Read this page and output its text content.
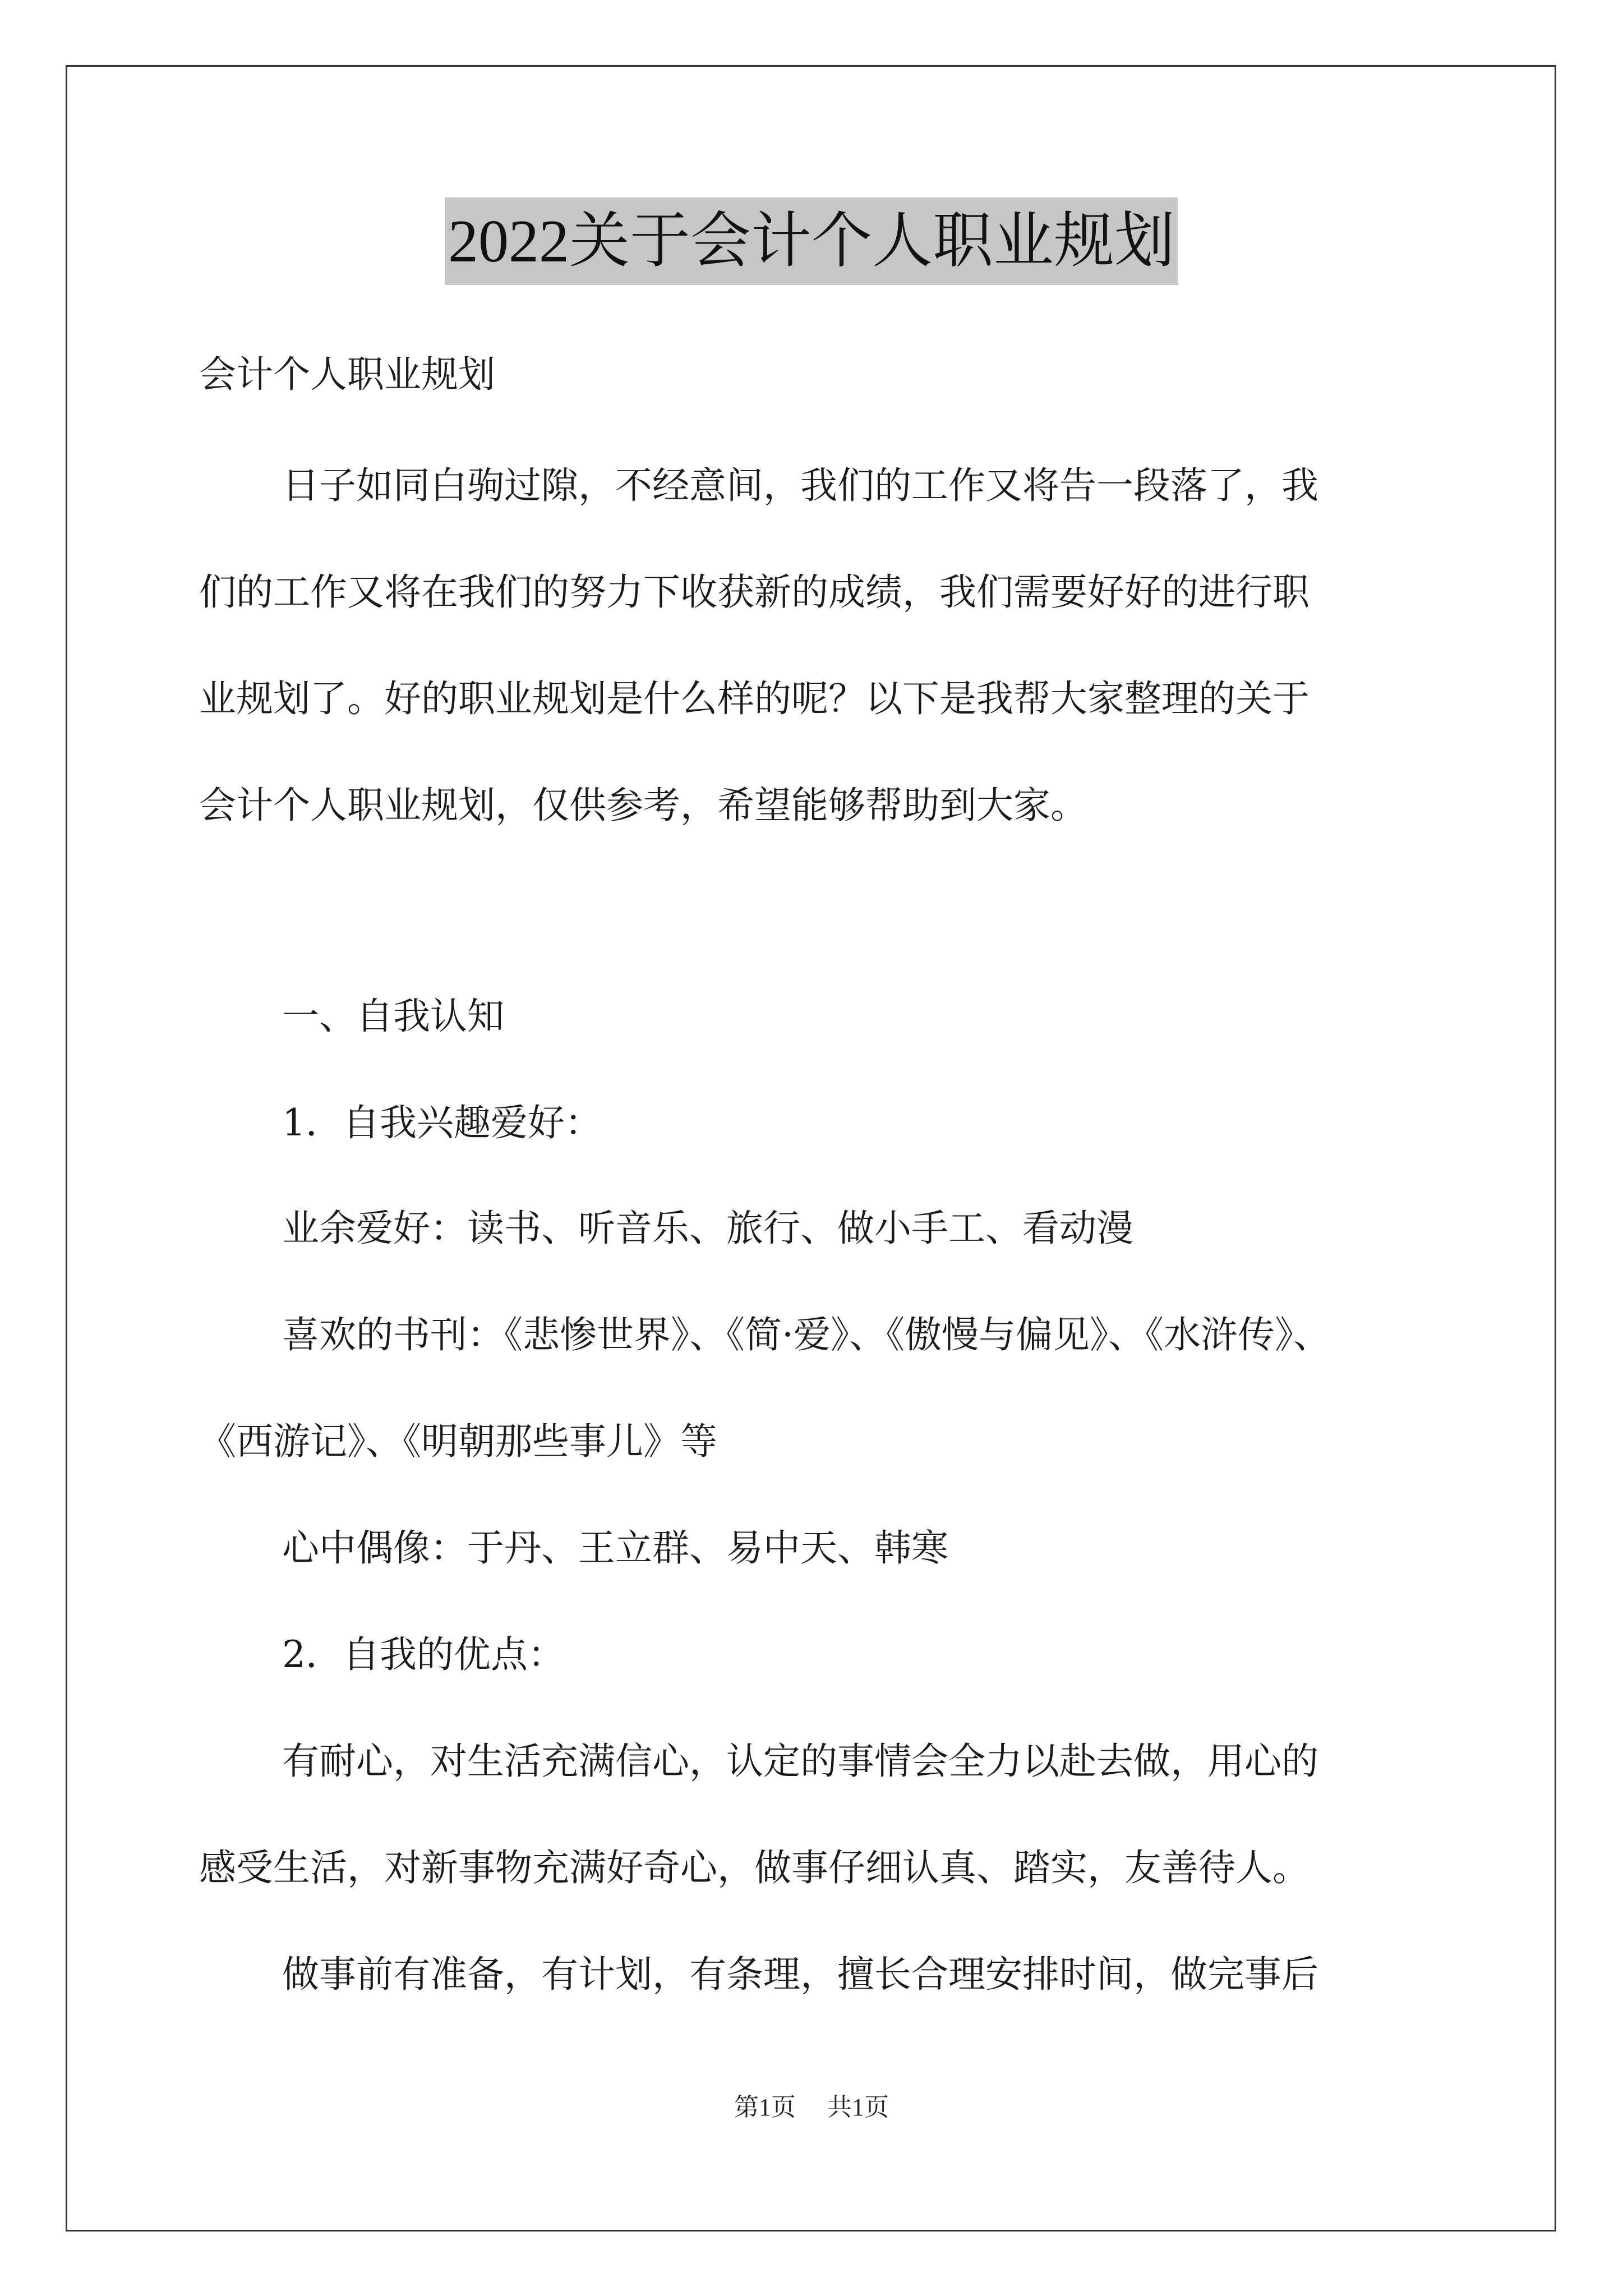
2022关于会计个人职业规划
会计个人职业规划
日子如同白驹过隙，不经意间，我们的工作又将告一段落了，我
们的工作又将在我们的努力下收获新的成绩，我们需要好好的进行职
业规划了。好的职业规划是什么样的呢？以下是我帮大家整理的关于
会计个人职业规划，仅供参考，希望能够帮助到大家。
一、自我认知
1．自我兴趣爱好：
业余爱好：读书、听音乐、旅行、做小手工、看动漫
喜欢的书刊：《悲惨世界》、《简·爱》、《傲慢与偏见》、《水浒传》、
《西游记》、《明朝那些事儿》等
心中偶像：于丹、王立群、易中天、韩寒
2．自我的优点：
有耐心，对生活充满信心，认定的事情会全力以赴去做，用心的
感受生活，对新事物充满好奇心，做事仔细认真、踏实，友善待人。
做事前有准备，有计划，有条理，擅长合理安排时间，做完事后
第1页 共1页
